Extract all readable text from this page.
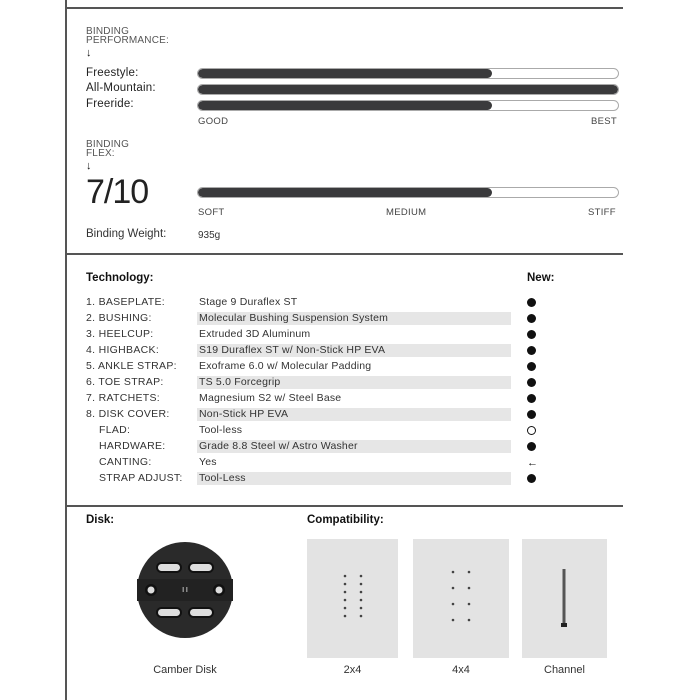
BINDING
PERFORMANCE:
↓
Freestyle:
All-Mountain:
Freeride:
GOOD	BEST
BINDING
FLEX:
↓
7/10
SOFT	MEDIUM	STIFF
Binding Weight:	935g
Technology:	New:
1. BASEPLATE:	Stage 9 Duraflex ST
2. BUSHING:	Molecular Bushing Suspension System
3. HEELCUP:	Extruded 3D Aluminum
4. HIGHBACK:	S19 Duraflex ST w/ Non-Stick HP EVA
5. ANKLE STRAP: Exoframe 6.0 w/ Molecular Padding
6. TOE STRAP:	TS 5.0 Forcegrip
7. RATCHETS:	Magnesium S2 w/ Steel Base
8. DISK COVER:	Non-Stick HP EVA
FLAD:	Tool-less
HARDWARE:	Grade 8.8 Steel w/ Astro Washer
CANTING:	Yes	←
STRAP ADJUST: Tool-Less
Disk:
Camber Disk
Compatibility:
2x4	4x4	Channel
